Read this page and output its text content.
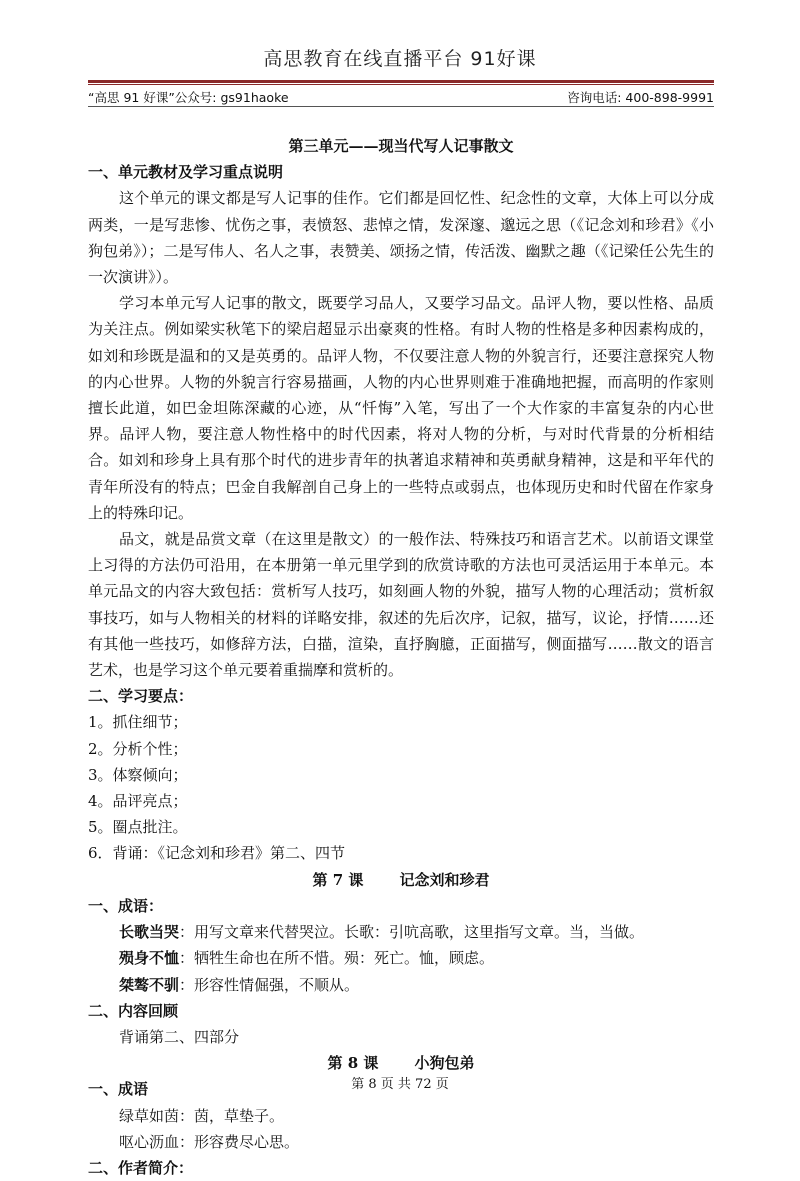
高思教育在线直播平台 91好课
“高思 91 好课”公众号: gs91haoke	咨询电话: 400-898-9991

第三单元——现当代写人记事散文

一、单元教材及学习重点说明

这个单元的课文都是写人记事的佳作。它们都是回忆性、纪念性的文章，大体上可以分成两类，一是写悲惨、忧伤之事，表愤怒、悲悼之情，发深邃、邈远之思（《记念刘和珍君》《小狗包弟》）；二是写伟人、名人之事，表赞美、颂扬之情，传活泼、幽默之趣（《记梁任公先生的一次演讲》）。

学习本单元写人记事的散文，既要学习品人，又要学习品文。品评人物，要以性格、品质为关注点。例如梁实秋笔下的梁启超显示出豪爽的性格。有时人物的性格是多种因素构成的，如刘和珍既是温和的又是英勇的。品评人物，不仅要注意人物的外貌言行，还要注意探究人物的内心世界。人物的外貌言行容易描画，人物的内心世界则难于准确地把握，而高明的作家则擅长此道，如巴金坦陈深藏的心迹，从“忏悔”入笔，写出了一个大作家的丰富复杂的内心世界。品评人物，要注意人物性格中的时代因素，将对人物的分析，与对时代背景的分析相结合。如刘和珍身上具有那个时代的进步青年的执著追求精神和英勇献身精神，这是和平年代的青年所没有的特点；巴金自我解剖自己身上的一些特点或弱点，也体现历史和时代留在作家身上的特殊印记。

品文，就是品赏文章（在这里是散文）的一般作法、特殊技巧和语言艺术。以前语文课堂上习得的方法仍可沿用，在本册第一单元里学到的欣赏诗歌的方法也可灵活运用于本单元。本单元品文的内容大致包括：赏析写人技巧，如刻画人物的外貌，描写人物的心理活动；赏析叙事技巧，如与人物相关的材料的详略安排，叙述的先后次序，记叙，描写，议论，抒情……还有其他一些技巧，如修辞方法，白描，渲染，直抒胸臆，正面描写，侧面描写……散文的语言艺术，也是学习这个单元要着重揣摩和赏析的。

二、学习要点：

1。抓住细节；

2。分析个性；

3。体察倾向；

4。品评亮点；

5。圈点批注。

6．背诵：《记念刘和珍君》第二、四节

第 7 课 记念刘和珍君

一、成语：

长歌当哭：用写文章来代替哭泣。长歌：引吭高歌，这里指写文章。当，当做。

殒身不恤：牺牲生命也在所不惜。殒：死亡。恤，顾虑。

桀骜不驯：形容性情倔强，不顺从。

二、内容回顾

背诵第二、四部分

第 8 课 小狗包弟

一、成语

绿草如茵：茵，草垫子。

呕心沥血：形容费尽心思。

二、作者简介：

第 8 页 共 72 页
